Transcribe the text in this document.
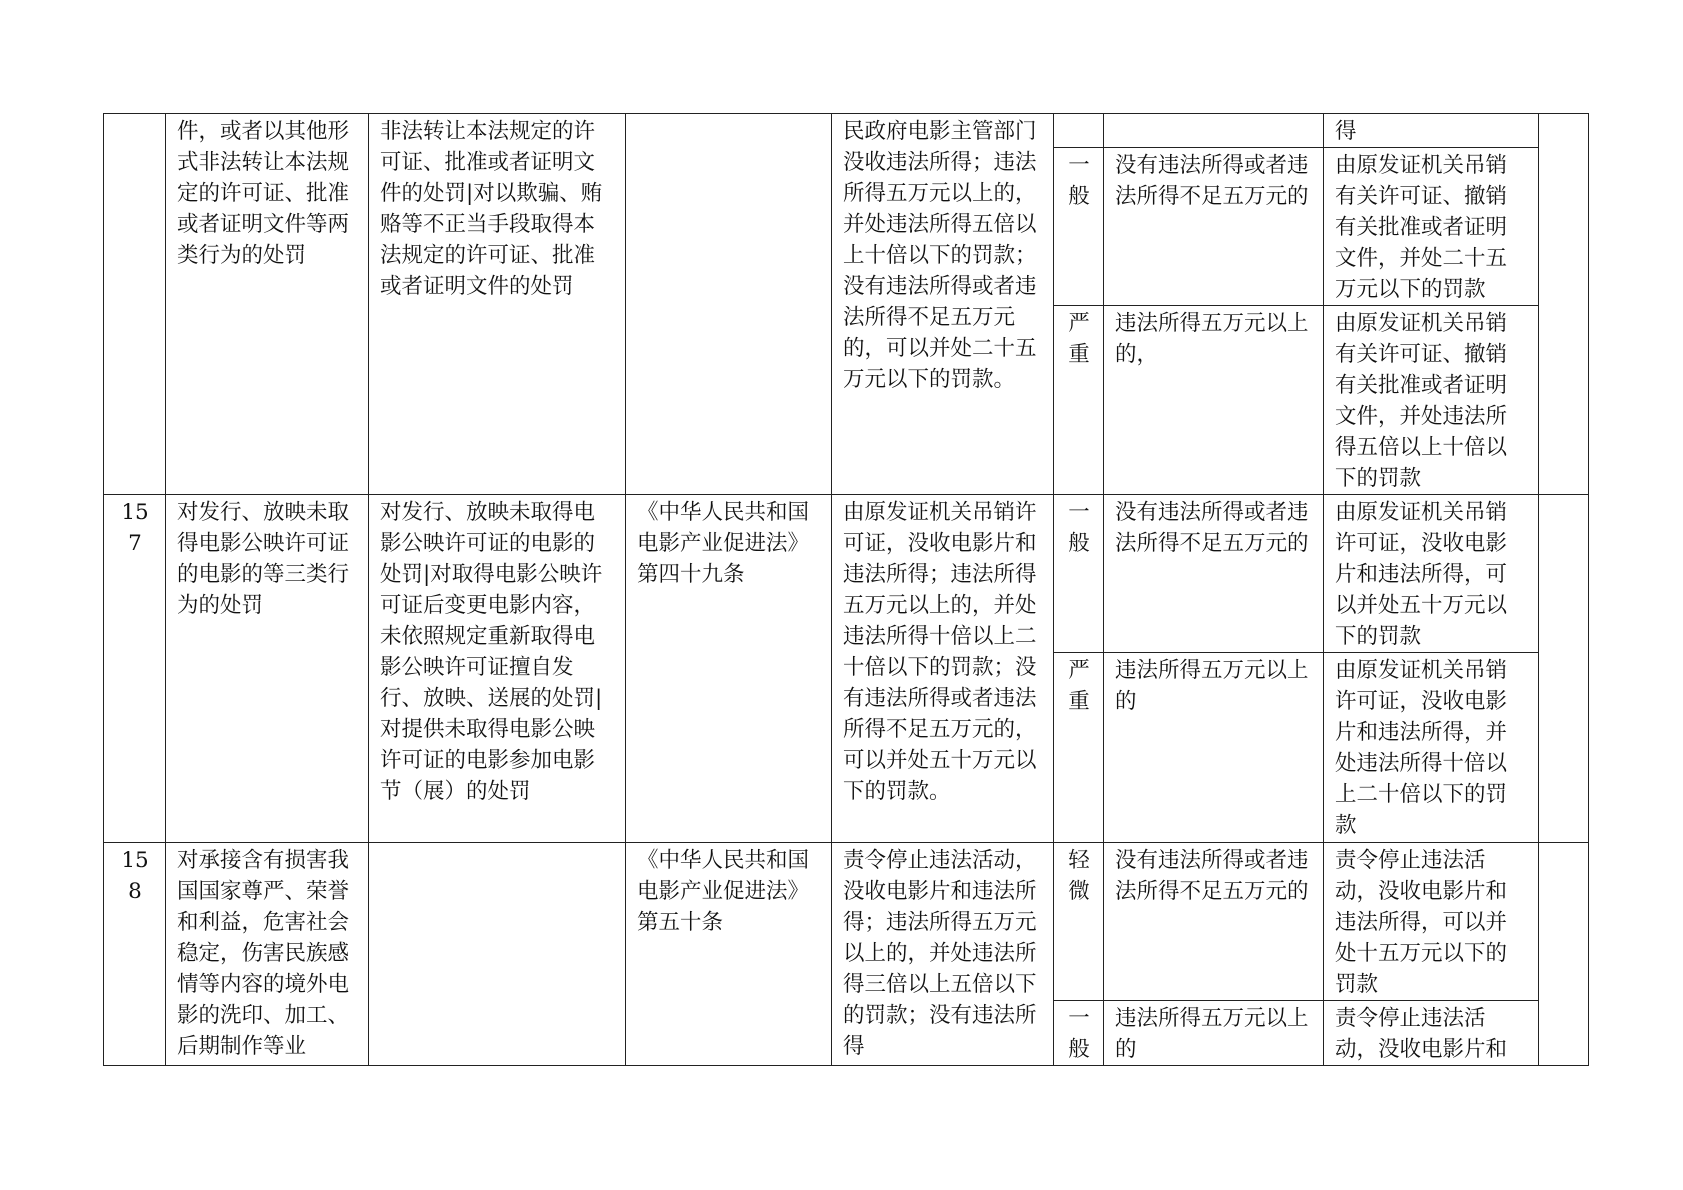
	件，或者以其他形式非法转让本法规定的许可证、批准或者证明文件等两类行为的处罚	非法转让本法规定的许可证、批准或者证明文件的处罚|对以欺骗、贿赂等不正当手段取得本法规定的许可证、批准或者证明文件的处罚		民政府电影主管部门没收违法所得；违法所得五万元以上的，并处违法所得五倍以上十倍以下的罚款；没有违法所得或者违法所得不足五万元的，可以并处二十五万元以下的罚款。			得	
					一般	没有违法所得或者违法所得不足五万元的	由原发证机关吊销有关许可证、撤销有关批准或者证明文件，并处二十五万元以下的罚款	
					严重	违法所得五万元以上的，	由原发证机关吊销有关许可证、撤销有关批准或者证明文件，并处违法所得五倍以上十倍以下的罚款	
157	对发行、放映未取得电影公映许可证的电影的等三类行为的处罚	对发行、放映未取得电影公映许可证的电影的处罚|对取得电影公映许可证后变更电影内容，未依照规定重新取得电影公映许可证擅自发行、放映、送展的处罚|对提供未取得电影公映许可证的电影参加电影节（展）的处罚	《中华人民共和国电影产业促进法》第四十九条	由原发证机关吊销许可证，没收电影片和违法所得；违法所得五万元以上的，并处违法所得十倍以上二十倍以下的罚款；没有违法所得或者违法所得不足五万元的，可以并处五十万元以下的罚款。	一般	没有违法所得或者违法所得不足五万元的	由原发证机关吊销许可证，没收电影片和违法所得，可以并处五十万元以下的罚款	
					严重	违法所得五万元以上的	由原发证机关吊销许可证，没收电影片和违法所得，并处违法所得十倍以上二十倍以下的罚款	
158	对承接含有损害我国国家尊严、荣誉和利益，危害社会稳定，伤害民族感情等内容的境外电影的洗印、加工、后期制作等业		《中华人民共和国电影产业促进法》第五十条	责令停止违法活动，没收电影片和违法所得；违法所得五万元以上的，并处违法所得三倍以上五倍以下的罚款；没有违法所得	轻微	没有违法所得或者违法所得不足五万元的	责令停止违法活动，没收电影片和违法所得，可以并处十五万元以下的罚款	
					一般	违法所得五万元以上的	责令停止违法活动，没收电影片和	
